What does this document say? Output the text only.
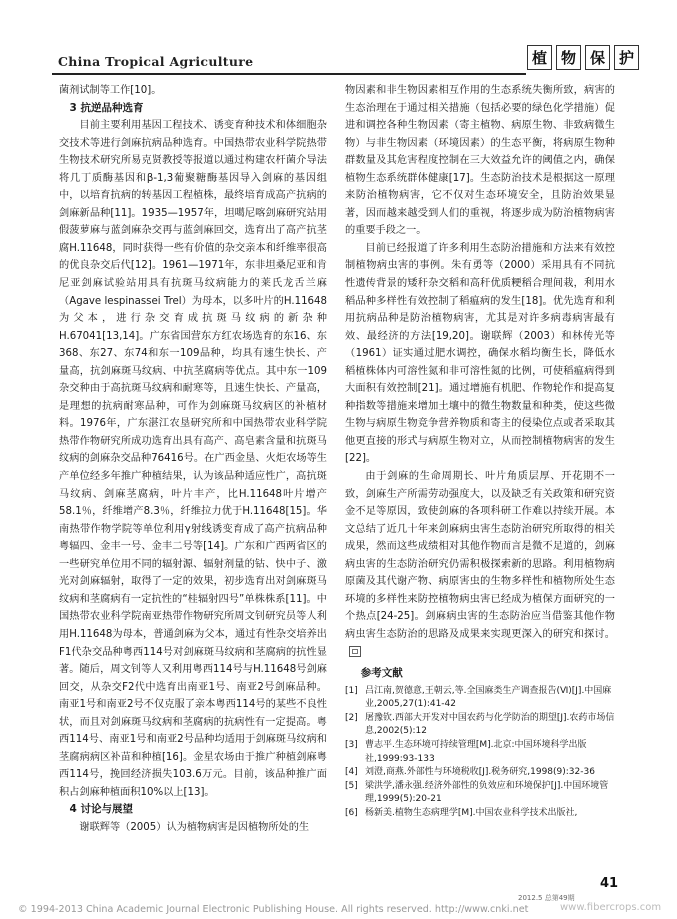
China Tropical Agriculture	植 物 保 护

菌剂试制等工作[10]。

3 抗逆品种选育

目前主要利用基因工程技术、诱变育种技术和体细胞杂交技术等进行剑麻抗病品种选育。中国热带农业科学院热带生物技术研究所易克贤教授等报道以通过构建农杆菌介导法将几丁质酶基因和β-1,3葡聚糖酶基因导入剑麻的基因组中，以培育抗病的转基因工程植株，最终培育成高产抗病的剑麻新品种[11]。1935—1957年，坦噶尼喀剑麻研究站用假菠萝麻与蓝剑麻杂交再与蓝剑麻回交，选育出了高产抗茎腐H.11648，同时获得一些有价值的杂交亲本和纤维率很高的优良杂交后代[12]。1961—1971年，东非坦桑尼亚和肯尼亚剑麻试验站用具有抗斑马纹病能力的莱氏龙舌兰麻（Agave lespinassei Trel）为母本，以多叶片的H.11648为父本，进行杂交育成抗斑马纹病的新杂种H.67041[13,14]。广东省国营东方红农场选育的东16、东368、东27、东74和东一109品种，均具有速生快长、产量高，抗剑麻斑马纹病、中抗茎腐病等优点。其中东一109杂交种由于高抗斑马纹病和耐寒等，且速生快长、产量高，是理想的抗病耐寒品种，可作为剑麻斑马纹病区的补植材料。1976年，广东湛江农垦研究所和中国热带农业科学院热带作物研究所成功选育出具有高产、高皂素含量和抗斑马纹病的剑麻杂交品种76416号。在广西金垦、火炬农场等生产单位经多年推广种植结果，认为该品种适应性广，高抗斑马纹病、剑麻茎腐病，叶片丰产，比H.11648叶片增产58.1％，纤维增产8.3％，纤维拉力优于H.11648[15]。华南热带作物学院等单位利用γ射线诱变育成了高产抗病品种粤辐四、金丰一号、金丰二号等[14]。广东和广西两省区的一些研究单位用不同的辐射源、辐射剂量的钴、快中子、激光对剑麻辐射，取得了一定的效果，初步选育出对剑麻斑马纹病和茎腐病有一定抗性的“桂辐射四号”单株株系[11]。中国热带农业科学院南亚热带作物研究所周文钊研究员等人利用H.11648为母本，普通剑麻为父本，通过有性杂交培养出F1代杂交品种粤西114号对剑麻斑马纹病和茎腐病的抗性显著。随后，周文钊等人又利用粤西114号与H.11648号剑麻回交，从杂交F2代中选育出南亚1号、南亚2号剑麻品种。南亚1号和南亚2号不仅克服了亲本粤西114号的某些不良性状，而且对剑麻斑马纹病和茎腐病的抗病性有一定提高。粤西114号、南亚1号和南亚2号品种均适用于剑麻斑马纹病和茎腐病病区补苗和种植[16]。金星农场由于推广种植剑麻粤西114号，挽回经济损失103.6万元。目前，该品种推广面积占剑麻种植面积10%以上[13]。

4 讨论与展望

谢联辉等（2005）认为植物病害是因植物所处的生

物因素和非生物因素相互作用的生态系统失衡所致，病害的生态治理在于通过相关措施（包括必要的绿色化学措施）促进和调控各种生物因素（寄主植物、病原生物、非致病微生物）与非生物因素（环境因素）的生态平衡，将病原生物种群数量及其危害程度控制在三大效益允许的阈值之内，确保植物生态系统群体健康[17]。生态防治技术是根据这一原理来防治植物病害，它不仅对生态环境安全，且防治效果显著，因而越来越受到人们的重视，将逐步成为防治植物病害的重要手段之一。

目前已经报道了许多利用生态防治措施和方法来有效控制植物病虫害的事例。朱有勇等（2000）采用具有不同抗性遗传背景的矮秆杂交稻和高秆优质粳稻合理间栽，利用水稻品种多样性有效控制了稻瘟病的发生[18]。优先选育和利用抗病品种是防治植物病害，尤其是对许多病毒病害最有效、最经济的方法[19,20]。谢联辉（2003）和林传光等（1961）证实通过肥水调控，确保水稻均衡生长，降低水稻植株体内可溶性氮和非可溶性氮的比例，可使稻瘟病得到大面积有效控制[21]。通过增施有机肥、作物轮作和提高复种指数等措施来增加土壤中的微生物数量和种类，使这些微生物与病原生物竞争营养物质和寄主的侵染位点或者采取其他更直接的形式与病原生物对立，从而控制植物病害的发生[22]。

由于剑麻的生命周期长、叶片角质层厚、开花期不一致，剑麻生产所需劳动强度大，以及缺乏有关政策和研究资金不足等原因，致使剑麻的各项科研工作难以持续开展。本文总结了近几十年来剑麻病虫害生态防治研究所取得的相关成果，然而这些成绩相对其他作物而言是微不足道的，剑麻病虫害的生态防治研究仍需积极探索新的思路。利用植物病原菌及其代谢产物、病原害虫的生物多样性和植物所处生态环境的多样性来防控植物病虫害已经成为植保方面研究的一个热点[24-25]。剑麻病虫害的生态防治应当借鉴其他作物病虫害生态防治的思路及成果来实现更深入的研究和探讨。

参考文献

[1] 吕江南,贺德意,王朝云,等.全国麻类生产调查报告(Ⅵ)[J].中国麻业,2005,27(1):41-42
[2] 屠豫钦.西部大开发对中国农药与化学防治的期望[J].农药市场信息,2002(5):12
[3] 曹志平.生态环境可持续管理[M].北京:中国环境科学出版社,1999:93-133
[4] 刘澄,商燕.外部性与环境税收[J].税务研究,1998(9):32-36
[5] 梁洪学,潘永强.经济外部性的负效应和环境保护[J].中国环境管理,1999(5):20-21
[6] 杨新美.植物生态病理学[M].中国农业科学技术出版社,
41
2012.5 总第49期
© 1994-2013 China Academic Journal Electronic Publishing House. All rights reserved. http://www.cnki.net	www.fibercrops.com
